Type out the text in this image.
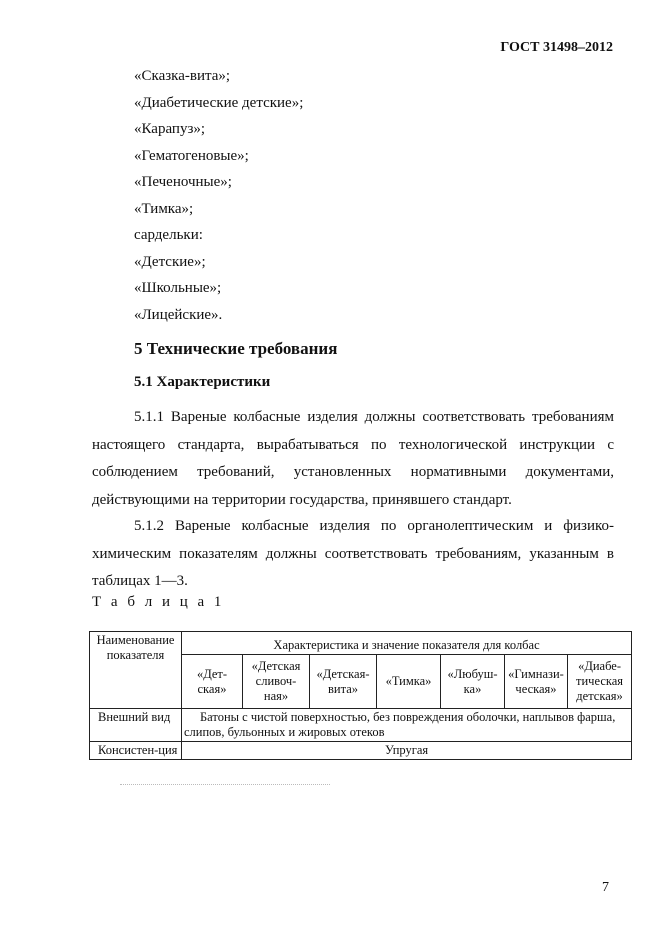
ГОСТ 31498–2012
«Сказка-вита»;
«Диабетические детские»;
«Карапуз»;
«Гематогеновые»;
«Печеночные»;
«Тимка»;
сардельки:
«Детские»;
«Школьные»;
«Лицейские».
5 Технические требования
5.1 Характеристики

5.1.1 Вареные колбасные изделия должны соответствовать требованиям настоящего стандарта, вырабатываться по технологической инструкции с соблюдением требований, установленных нормативными документами, действующими на территории государства, принявшего стандарт.

5.1.2 Вареные колбасные изделия по органолептическим и физико-химическим показателям должны соответствовать требованиям, указанным в таблицах 1—3.

Т а б л и ц а 1
Наименование показателя	Характеристика и значение показателя для колбас						
	«Дет-ская»	«Детская сливоч-ная»	«Детская-вита»	«Тимка»	«Любуш-ка»	«Гимнази-ческая»	«Диабе-тическая детская»
Внешний вид	Батоны с чистой поверхностью, без повреждения оболочки, наплывов фарша, слипов, бульонных и жировых отеков						
Консистен-ция	Упругая						
7
